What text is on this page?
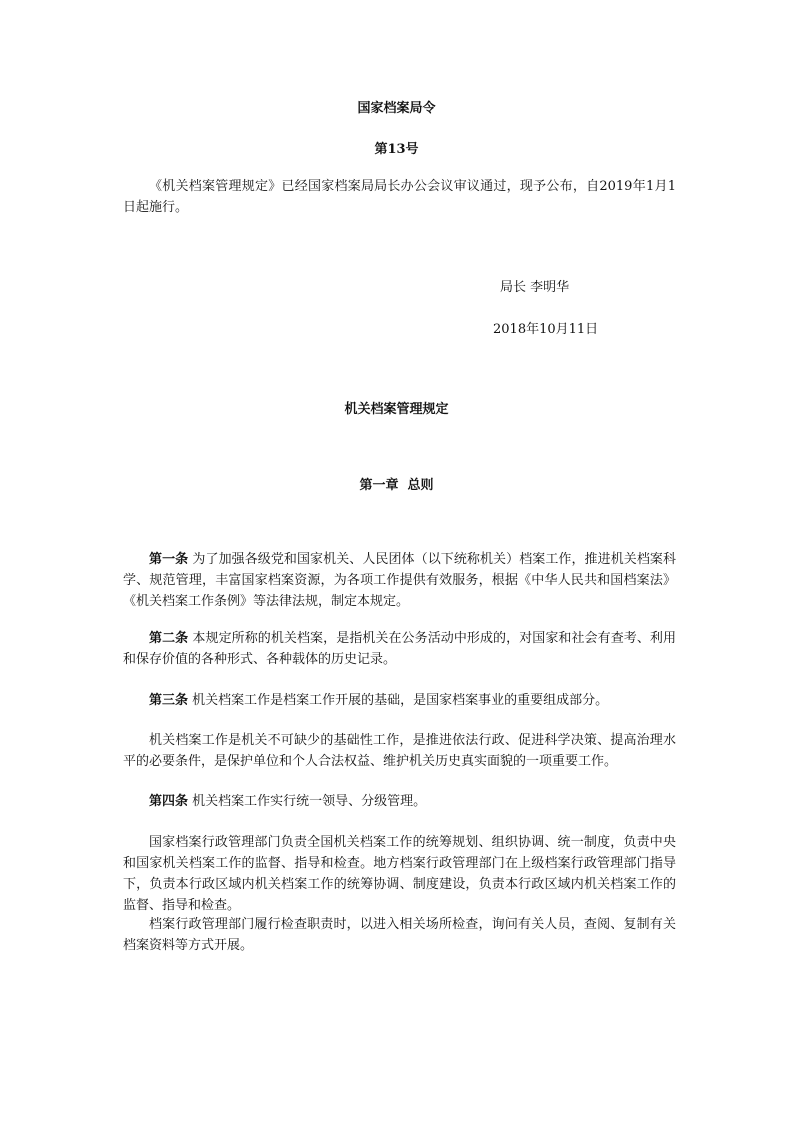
国家档案局令
第13号
《机关档案管理规定》已经国家档案局局长办公会议审议通过，现予公布，自2019年1月1日起施行。
局长 李明华
2018年10月11日
机关档案管理规定
第一章  总则
第一条 为了加强各级党和国家机关、人民团体（以下统称机关）档案工作，推进机关档案科学、规范管理，丰富国家档案资源，为各项工作提供有效服务，根据《中华人民共和国档案法》《机关档案工作条例》等法律法规，制定本规定。
第二条 本规定所称的机关档案，是指机关在公务活动中形成的，对国家和社会有查考、利用和保存价值的各种形式、各种载体的历史记录。
第三条 机关档案工作是档案工作开展的基础，是国家档案事业的重要组成部分。
机关档案工作是机关不可缺少的基础性工作，是推进依法行政、促进科学决策、提高治理水平的必要条件，是保护单位和个人合法权益、维护机关历史真实面貌的一项重要工作。
第四条 机关档案工作实行统一领导、分级管理。
国家档案行政管理部门负责全国机关档案工作的统筹规划、组织协调、统一制度，负责中央和国家机关档案工作的监督、指导和检查。地方档案行政管理部门在上级档案行政管理部门指导下，负责本行政区域内机关档案工作的统筹协调、制度建设，负责本行政区域内机关档案工作的监督、指导和检查。
档案行政管理部门履行检查职责时，以进入相关场所检查，询问有关人员，查阅、复制有关档案资料等方式开展。
